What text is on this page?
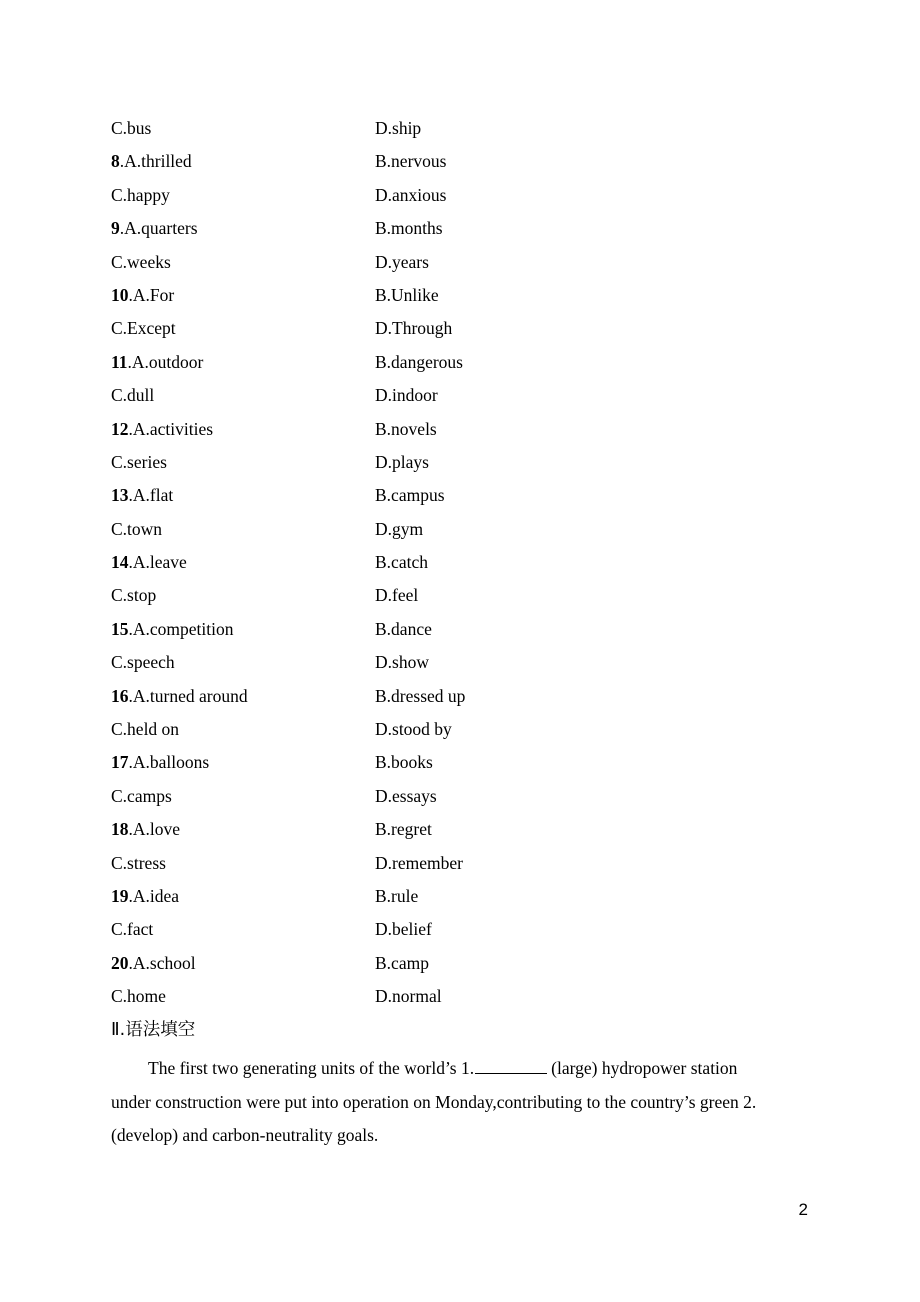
C.bus	D.ship
8.A.thrilled	B.nervous
C.happy	D.anxious
9.A.quarters	B.months
C.weeks	D.years
10.A.For	B.Unlike
C.Except	D.Through
11.A.outdoor	B.dangerous
C.dull	D.indoor
12.A.activities	B.novels
C.series	D.plays
13.A.flat	B.campus
C.town	D.gym
14.A.leave	B.catch
C.stop	D.feel
15.A.competition	B.dance
C.speech	D.show
16.A.turned around	B.dressed up
C.held on	D.stood by
17.A.balloons	B.books
C.camps	D.essays
18.A.love	B.regret
C.stress	D.remember
19.A.idea	B.rule
C.fact	D.belief
20.A.school	B.camp
C.home	D.normal
Ⅱ.语法填空
The first two generating units of the world’s 1.	(large) hydropower station
under construction were put into operation on Monday,contributing to the country’s green 2.
(develop) and carbon-neutrality goals.
2
